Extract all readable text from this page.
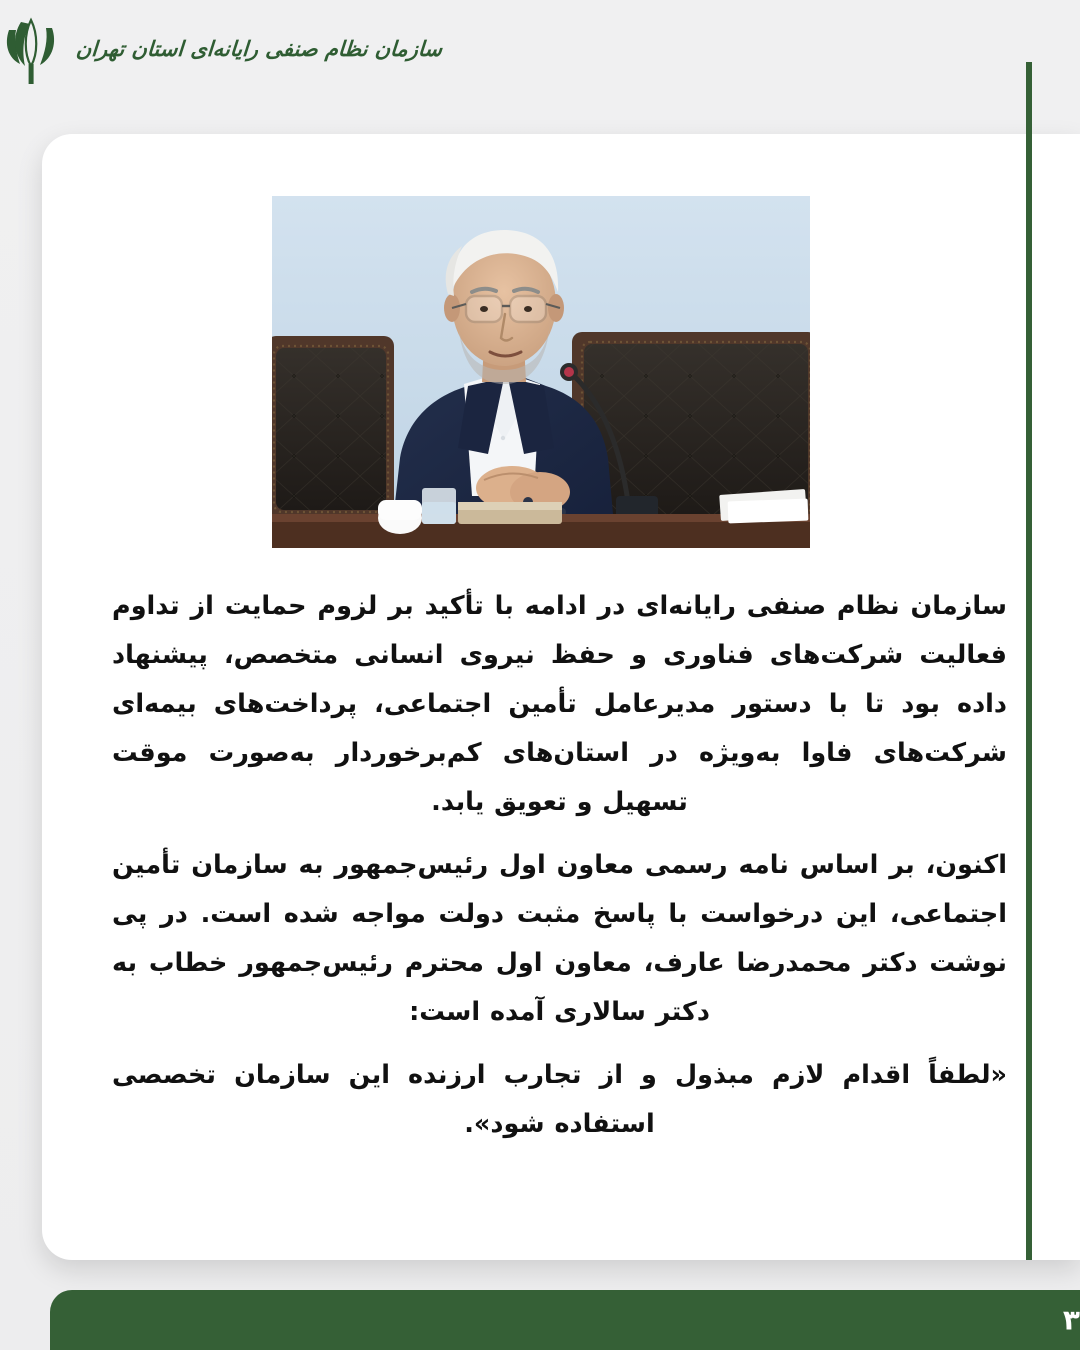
سازمان نظام صنفی رایانه‌ای استان تهران

سازمان نظام صنفی رایانه‌ای در ادامه با تأکید بر لزوم حمایت از تداوم فعالیت شرکت‌های فناوری و حفظ نیروی انسانی متخصص، پیشنهاد داده بود تا با دستور مدیرعامل تأمین اجتماعی، پرداخت‌های بیمه‌ای شرکت‌های فاوا به‌ویژه در استان‌های کم‌برخوردار به‌صورت موقت تسهیل و تعویق یابد.

اکنون، بر اساس نامه رسمی معاون اول رئیس‌جمهور به سازمان تأمین اجتماعی، این درخواست با پاسخ مثبت دولت مواجه شده است. در پی نوشت دکتر محمدرضا عارف، معاون اول محترم رئیس‌جمهور خطاب به دکتر سالاری آمده است:

«لطفاً اقدام لازم مبذول و از تجارب ارزنده این سازمان تخصصی استفاده شود».

۳
